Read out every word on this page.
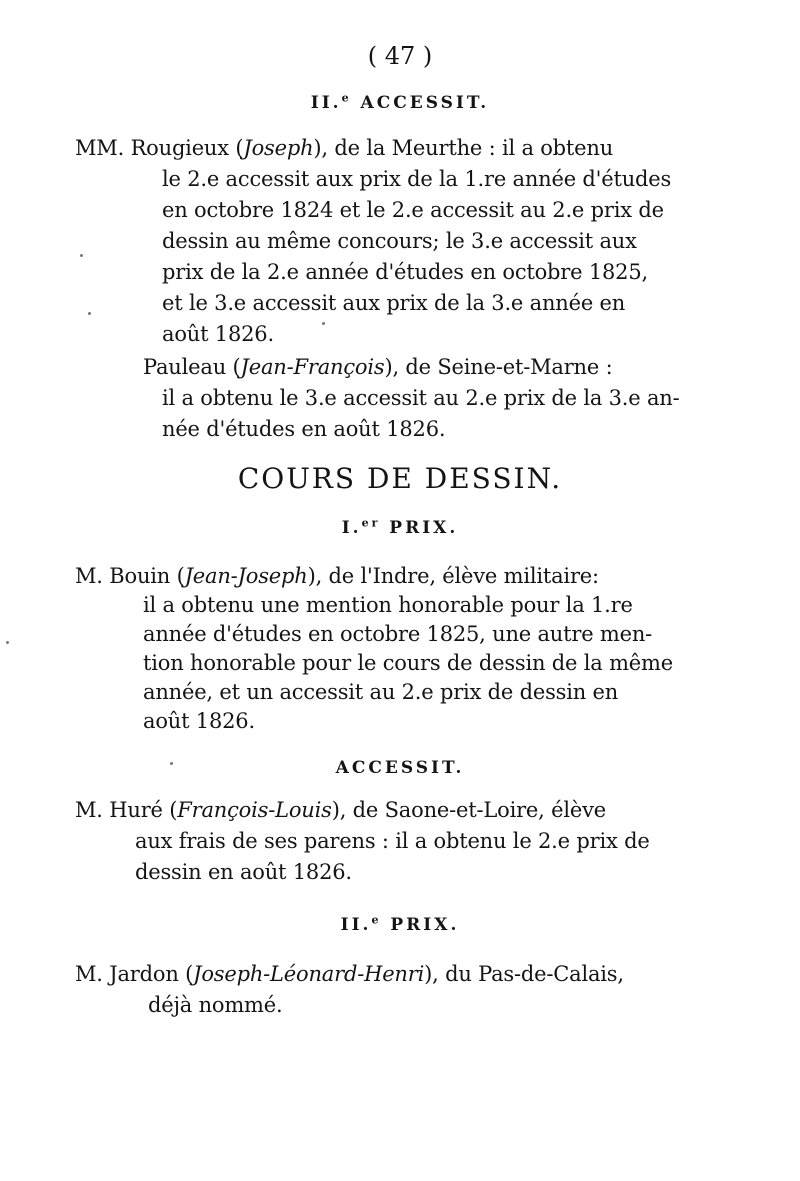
( 47 )
II.$^e$ ACCESSIT.
MM. Rougieux (Joseph), de la Meurthe : il a obtenu
le 2.e accessit aux prix de la 1.re année d'études
en octobre 1824 et le 2.e accessit au 2.e prix de
dessin au même concours; le 3.e accessit aux
prix de la 2.e année d'études en octobre 1825,
et le 3.e accessit aux prix de la 3.e année en
août 1826.
Pauleau (Jean-François), de Seine-et-Marne :
il a obtenu le 3.e accessit au 2.e prix de la 3.e an-
née d'études en août 1826.
COURS DE DESSIN.
I.$^{er}$ PRIX.
M. Bouin (Jean-Joseph), de l'Indre, élève militaire:
il a obtenu une mention honorable pour la 1.re
année d'études en octobre 1825, une autre men-
tion honorable pour le cours de dessin de la même
année, et un accessit au 2.e prix de dessin en
août 1826.
ACCESSIT.
M. Huré (François-Louis), de Saone-et-Loire, élève
aux frais de ses parens : il a obtenu le 2.e prix de
dessin en août 1826.
II.$^e$ PRIX.
M. Jardon (Joseph-Léonard-Henri), du Pas-de-Calais,
déjà nommé.
